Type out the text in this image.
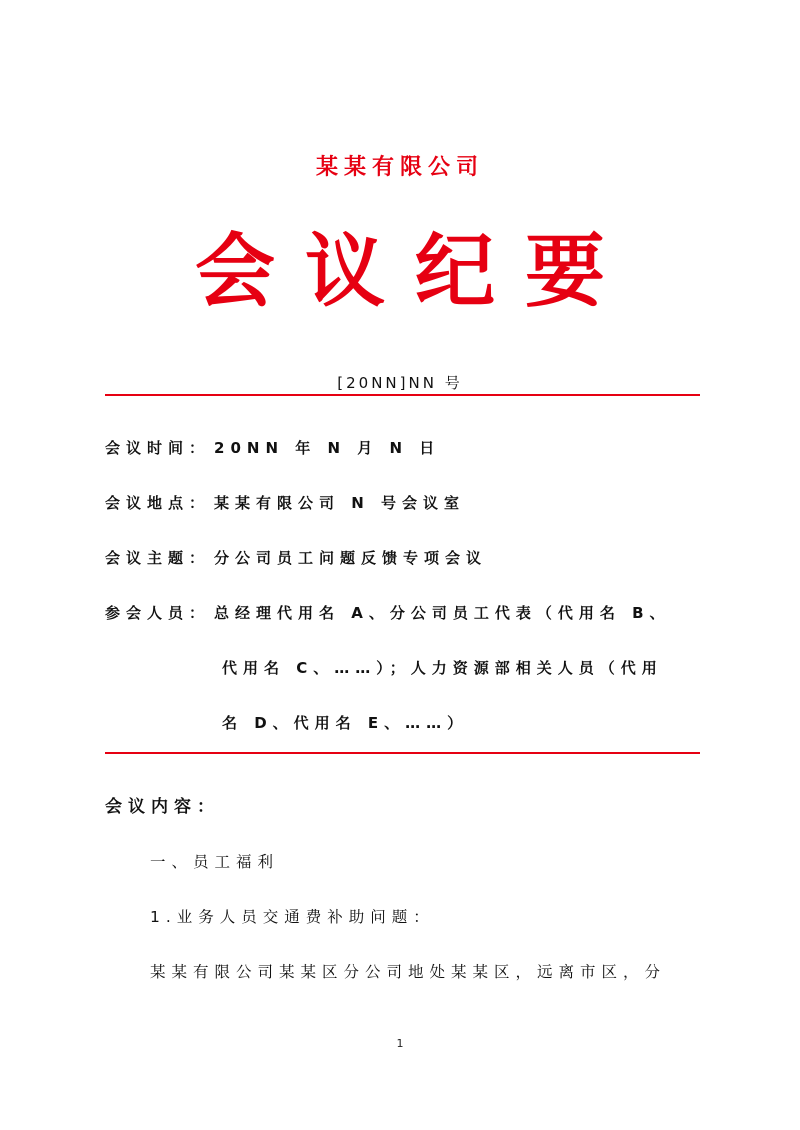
某某有限公司
会议纪要
[20NN]NN 号
会议时间： 20NN 年 N 月 N 日
会议地点： 某某有限公司 N 号会议室
会议主题： 分公司员工问题反馈专项会议
参会人员： 总经理代用名 A、分公司员工代表（代用名 B、
代用名 C、……）；人力资源部相关人员（代用
名 D、代用名 E、……）
会议内容：
一、员工福利
1.业务人员交通费补助问题：
某某有限公司某某区分公司地处某某区，远离市区，分
1
